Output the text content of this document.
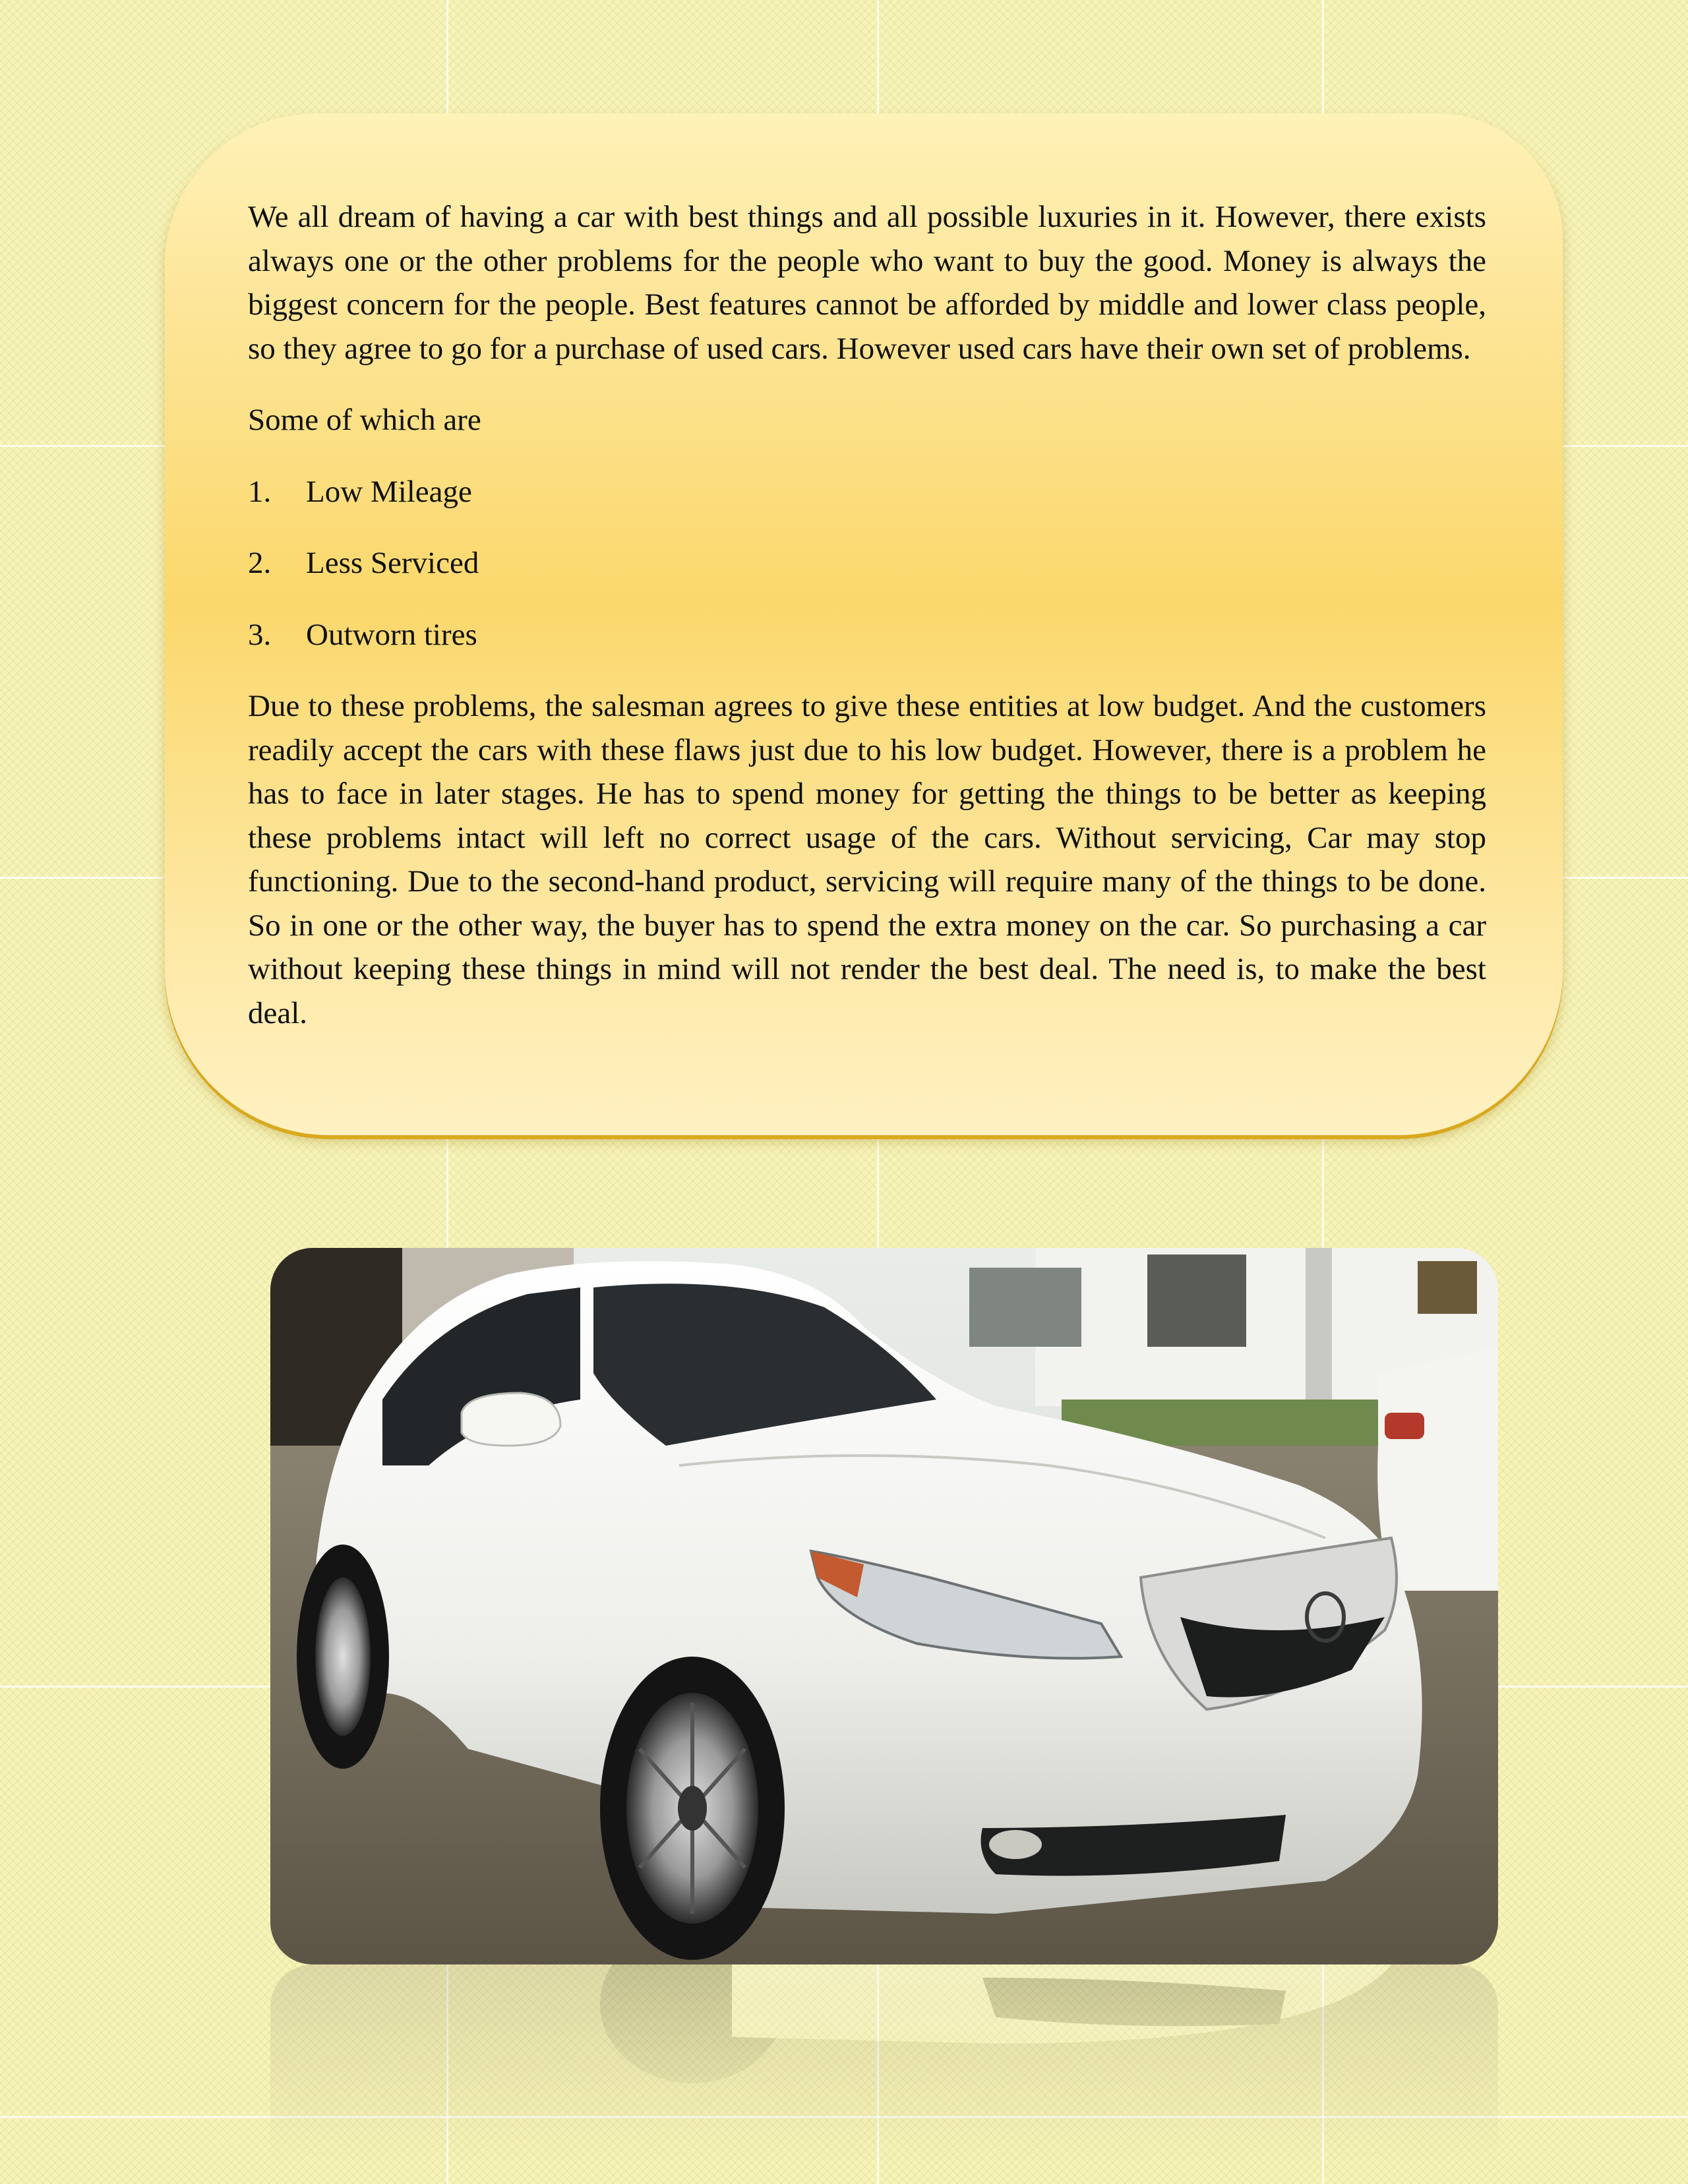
We all dream of having a car with best things and all possible luxuries in it. However, there exists always one or the other problems for the people who want to buy the good. Money is always the biggest concern for the people. Best features cannot be afforded by middle and lower class people, so they agree to go for a purchase of used cars. However used cars have their own set of problems.

Some of which are

1.	Low Mileage
2.	Less Serviced
3.	Outworn tires

Due to these problems, the salesman agrees to give these entities at low budget. And the customers readily accept the cars with these flaws just due to his low budget. However, there is a problem he has to face in later stages. He has to spend money for getting the things to be better as keeping these problems intact will left no correct usage of the cars. Without servicing, Car may stop functioning. Due to the second-hand product, servicing will require many of the things to be done. So in one or the other way, the buyer has to spend the extra money on the car. So purchasing a car without keeping these things in mind will not render the best deal. The need is, to make the best deal.
